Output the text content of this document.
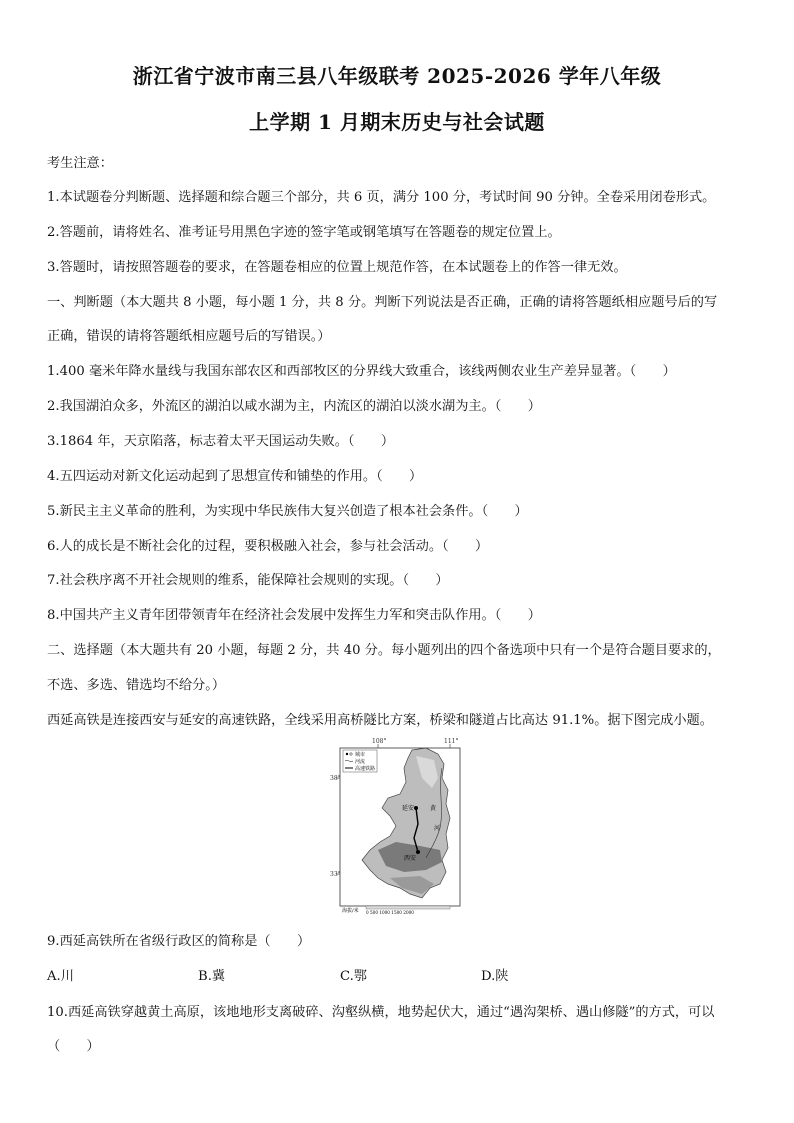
浙江省宁波市南三县八年级联考 2025-2026 学年八年级
上学期 1 月期末历史与社会试题
考生注意：
1.本试题卷分判断题、选择题和综合题三个部分，共 6 页，满分 100 分，考试时间 90 分钟。全卷采用闭卷形式。
2.答题前，请将姓名、准考证号用黑色字迹的签字笔或钢笔填写在答题卷的规定位置上。
3.答题时，请按照答题卷的要求，在答题卷相应的位置上规范作答，在本试题卷上的作答一律无效。
一、判断题（本大题共 8 小题，每小题 1 分，共 8 分。判断下列说法是否正确，正确的请将答题纸相应题号后的写
正确，错误的请将答题纸相应题号后的写错误。）
1.400 毫米年降水量线与我国东部农区和西部牧区的分界线大致重合，该线两侧农业生产差异显著。（　　）
2.我国湖泊众多，外流区的湖泊以咸水湖为主，内流区的湖泊以淡水湖为主。（　　）
3.1864 年，天京陷落，标志着太平天国运动失败。（　　）
4.五四运动对新文化运动起到了思想宣传和铺垫的作用。（　　）
5.新民主主义革命的胜利，为实现中华民族伟大复兴创造了根本社会条件。（　　）
6.人的成长是不断社会化的过程，要积极融入社会，参与社会活动。（　　）
7.社会秩序离不开社会规则的维系，能保障社会规则的实现。（　　）
8.中国共产主义青年团带领青年在经济社会发展中发挥生力军和突击队作用。（　　）
二、选择题（本大题共有 20 小题，每题 2 分，共 40 分。每小题列出的四个备选项中只有一个是符合题目要求的，
不选、多选、错选均不给分。）
西延高铁是连接西安与延安的高速铁路，全线采用高桥隧比方案，桥梁和隧道占比高达 91.1%。据下图完成小题。
108°	111°
38°
33°
延安
西安
黄
河
城市
河流
高速铁路
海拔/米 0 500 1000 1500 2000
9.西延高铁所在省级行政区的简称是（　　）
A.川	B.冀	C.鄂	D.陕
10.西延高铁穿越黄土高原，该地地形支离破碎、沟壑纵横，地势起伏大，通过“遇沟架桥、遇山修隧”的方式，可以
（　　）
